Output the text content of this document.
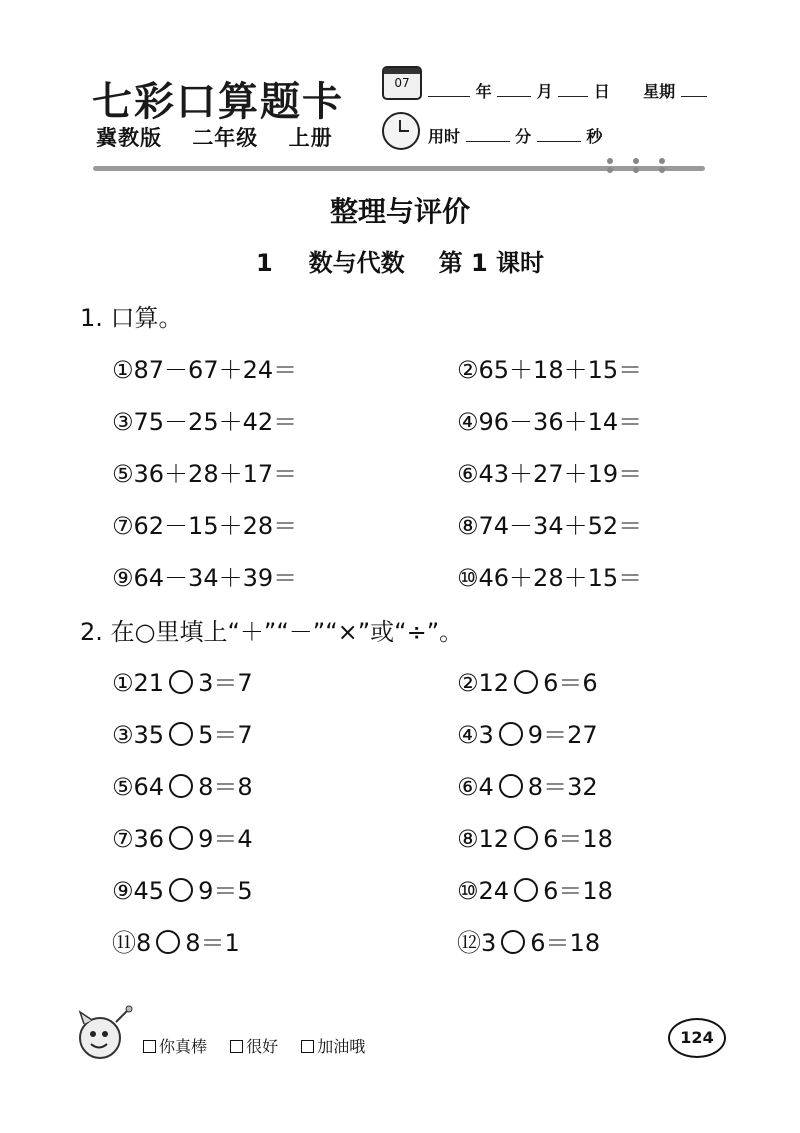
七彩口算题卡
冀教版 二年级 上册
07	年	月	日 星期
用时	分	秒
整理与评价
1 数与代数 第 1 课时
1. 口算。
①87－67＋24＝	②65＋18＋15＝
③75－25＋42＝	④96－36＋14＝
⑤36＋28＋17＝	⑥43＋27＋19＝
⑦62－15＋28＝	⑧74－34＋52＝
⑨64－34＋39＝	⑩46＋28＋15＝
2. 在○里填上“＋”“－”“×”或“÷”。
①21 3＝7	②12 6＝6
③35 5＝7	④3 9＝27
⑤64 8＝8	⑥4 8＝32
⑦36 9＝4	⑧12 6＝18
⑨45 9＝5	⑩24 6＝18
⑪8 8＝1	⑫3 6＝18
你真棒 很好 加油哦	124
